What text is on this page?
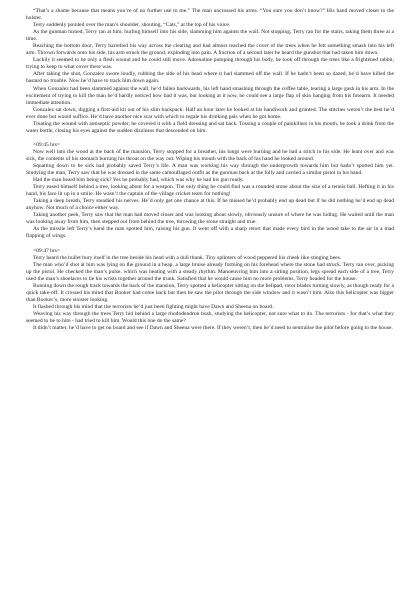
“That’s a shame because that means you’re of no further use to me.” The man uncrossed his arms. “You sure you don’t know?” His hand moved closer to the holster.

Terry suddenly pointed over the man’s shoulder, shouting, “Cats,” at the top of his voice.

As the gunman turned, Terry ran at him, hurling himself into his side, slamming him against the wall. Not stopping, Terry ran for the stairs, taking them three at a time.

Reaching the bottom door, Terry barrelled his way across the clearing and had almost reached the cover of the trees when he felt something smash into his left arm. Thrown forwards onto his side, his arm struck the ground, exploding into pain. A fraction of a second later he heard the gunshot that had taken him down.

Luckily it seemed to be only a flesh wound and he could still move. Adrenaline pumping through his body, he took off through the trees like a frightened rabbit, trying to keep to what cover there was.

After taking the shot, Gonzalez swore loudly, rubbing the side of his head where it had slammed off the wall. If he hadn’t been so dazed, he’d have killed the bastard no trouble. Now he’d have to track him down again.

When Gonzalez had been slammed against the wall, he’d fallen backwards, his left hand smashing through the coffee table, tearing a large gash in his arm. In the excitement of trying to kill the man he’d hardly noticed how bad it was, but looking at it now, he could see a large flap of skin hanging from his forearm. It needed immediate attention.

Gonzalez sat down, digging a first-aid kit out of his slim backpack. Half an hour later he looked at his handiwork and grunted. The stitches weren’t the best he’d ever done but would suffice. He’d have another nice scar with which to regale his drinking pals when he got home.

Treating the wound with antiseptic powder, he covered it with a field dressing and sat back. Tossing a couple of painkillers in his mouth, he took a drink from the water bottle, closing his eyes against the sudden dizziness that descended on him.

=09:45 hrs=

Now well into the wood at the back of the mansion, Terry stopped for a breather, his lungs were burning and he had a stitch in his side. He leant over and was sick, the contents of his stomach burning his throat on the way out. Wiping his mouth with the back of his hand he looked around.

Squatting down to be sick had probably saved Terry’s life. A man was working his way through the undergrowth towards him but hadn’t spotted him yet. Studying the man, Terry saw that he was dressed in the same camouflaged outfit as the gunman back at the folly and carried a similar pistol in his hand.

Had the man heard him being sick? Yes he probably had, which was why he had his gun ready.

Terry eased himself behind a tree, looking about for a weapon. The only thing he could find was a rounded stone about the size of a tennis ball. Hefting it in his hand, his face lit up in a smile. He wasn’t the captain of the village cricket team for nothing!

Taking a deep breath, Terry steadied his nerves. He’d only get one chance at this. If he missed he’d probably end up dead but if he did nothing he’d end up dead anyhow. Not much of a choice either way.

Taking another peek, Terry saw that the man had moved closer and was looking about slowly, obviously unsure of where he was hiding. He waited until the man was looking away from him, then stepped out from behind the tree, throwing the stone straight and true.

As the missile left Terry’s hand the man spotted him, raising his gun. It went off with a sharp retort that made every bird in the wood take to the air in a mad flapping of wings.

=09:47 hrs=

Terry heard the bullet bury itself in the tree beside his head with a dull thunk. Tiny splinters of wood peppered his cheek like stinging bees.

The man who’d shot at him was lying on the ground in a heap, a large bruise already forming on his forehead where the stone had struck. Terry ran over, picking up the pistol. He checked the man’s pulse, which was beating with a steady rhythm. Manoeuvring him into a sitting position, legs spread each side of a tree, Terry used the man’s shoelaces to tie his wrists together around the trunk. Satisfied that he would cause him no more problems, Terry headed for the house.

Running down the rough track towards the back of the mansion, Terry spotted a helicopter sitting on the helipad, rotor blades turning slowly, as though ready for a quick take-off. It crossed his mind that Booker had come back but then he saw the pilot through the side window and it wasn’t him. Also this helicopter was bigger than Booker’s, more sinister looking.

It flashed through his mind that the terrorists he’d just been fighting might have Dawn and Sheena on board.

Weaving his way through the trees Terry hid behind a large rhododendron bush, studying the helicopter, not sure what to do. The terrorists - for that’s what they seemed to be to him - had tried to kill him. Would this one do the same?

It didn’t matter, he’d have to get on board and see if Dawn and Sheena were there. If they weren’t, then he’d need to neutralise the pilot before going to the house.
